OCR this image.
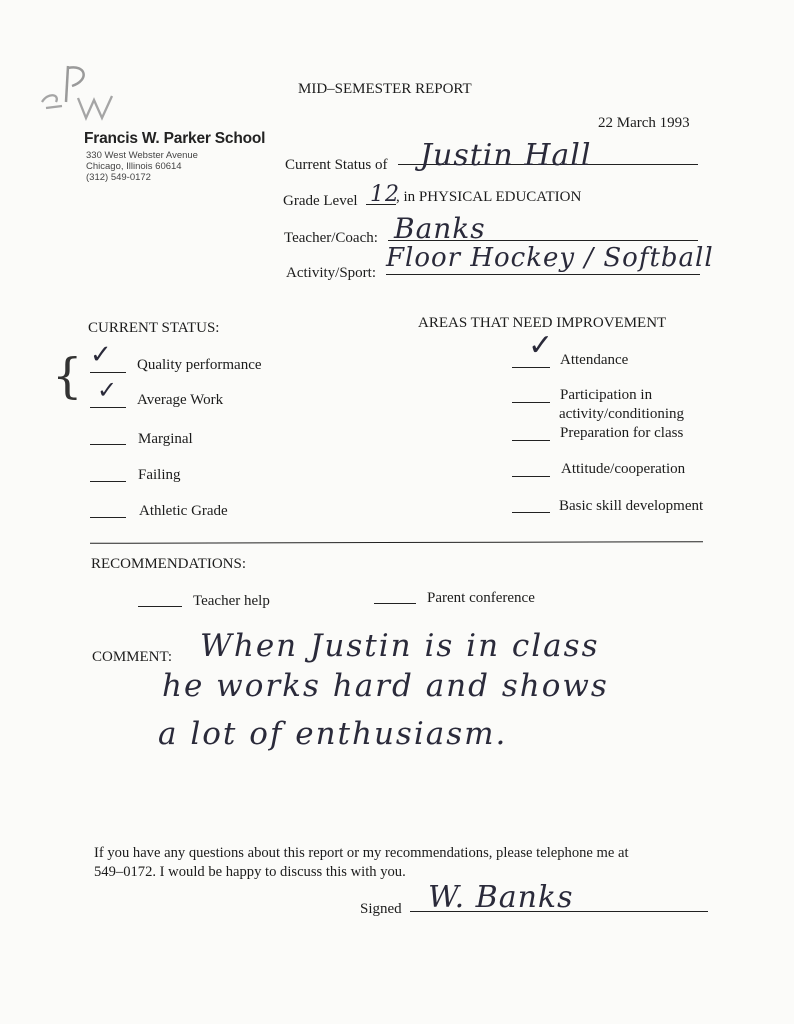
Francis W. Parker School
330 West Webster Avenue
Chicago, Illinois 60614
(312) 549-0172
MID–SEMESTER REPORT
22 March 1993
Current Status of Justin Hall
Grade Level 12
, in PHYSICAL EDUCATION
Teacher/Coach: Banks
Activity/Sport: Floor Hockey / Softball
CURRENT STATUS:
{ ✓ Quality performance
✓ Average Work
Marginal
Failing
Athletic Grade
AREAS THAT NEED IMPROVEMENT
✓ Attendance
Participation in
activity/conditioning
Preparation for class
Attitude/cooperation
Basic skill development
RECOMMENDATIONS:
Teacher help	Parent conference
COMMENT: When Justin is in class
he works hard and shows
a lot of enthusiasm.
If you have any questions about this report or my recommendations, please telephone me at
549–0172. I would be happy to discuss this with you.
Signed W. Banks
